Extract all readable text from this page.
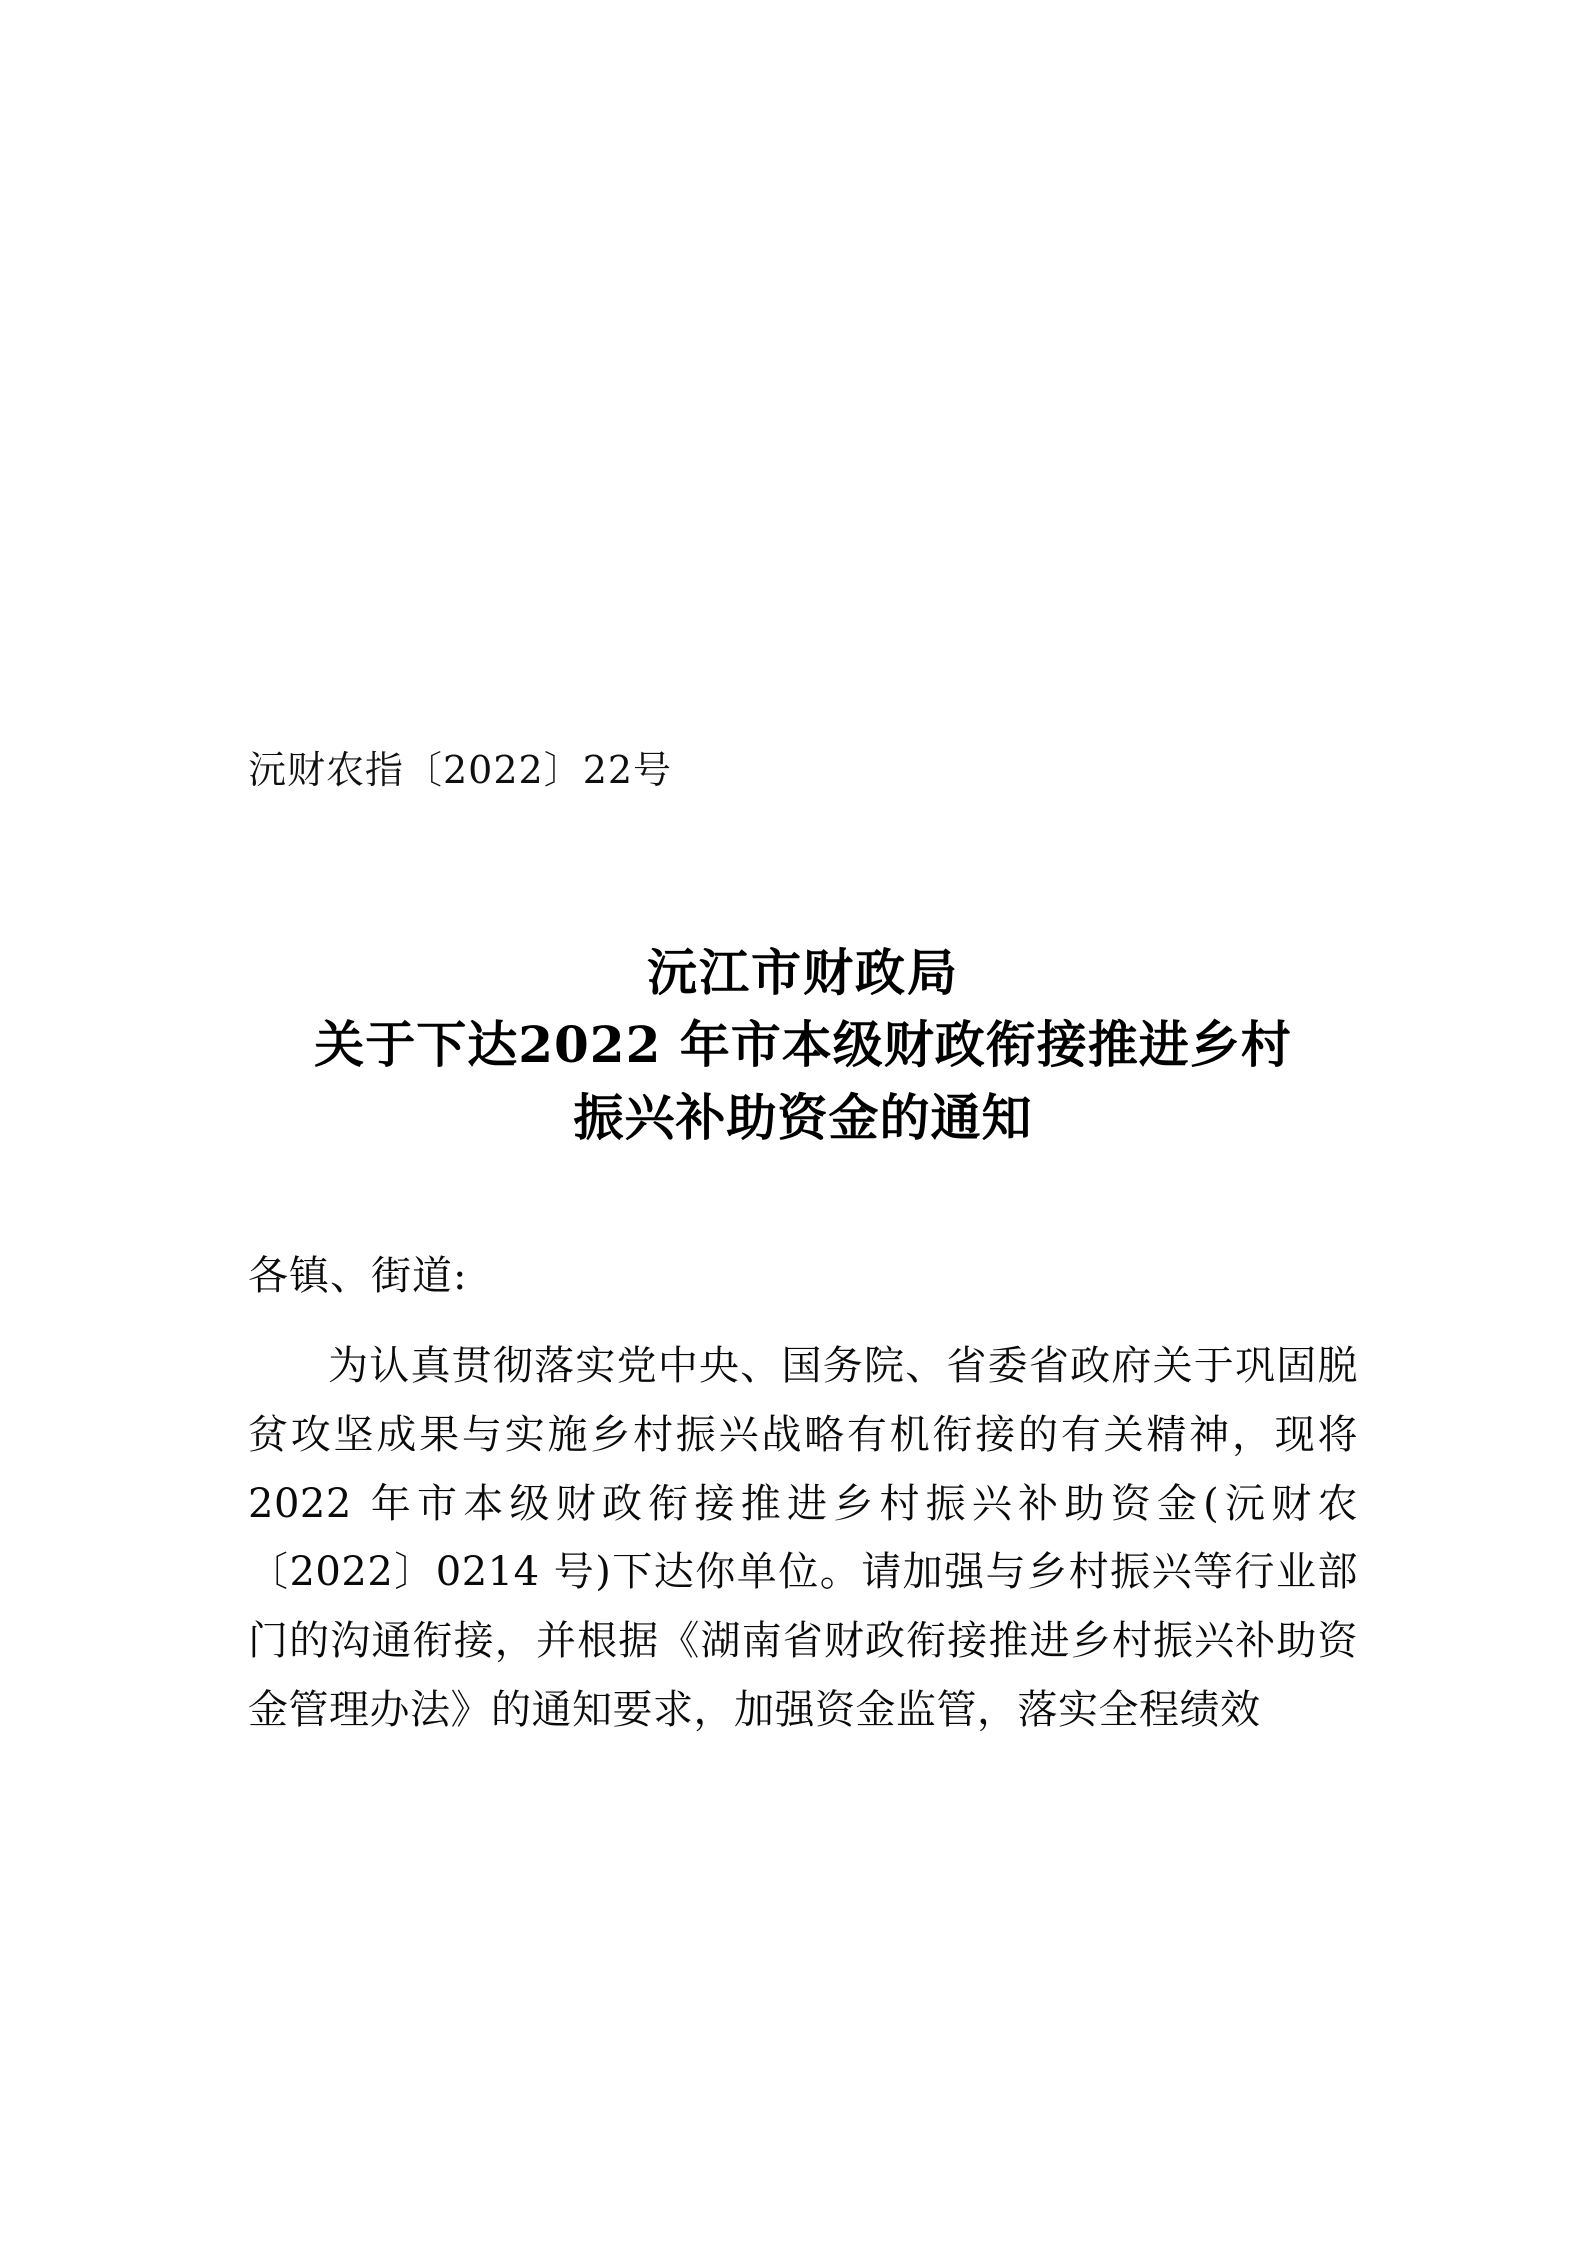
沅财农指〔2022〕22号
沅江市财政局
关于下达2022 年市本级财政衔接推进乡村
振兴补助资金的通知
各镇、街道:
为认真贯彻落实党中央、国务院、省委省政府关于巩固脱贫攻坚成果与实施乡村振兴战略有机衔接的有关精神，现将 2022 年市本级财政衔接推进乡村振兴补助资金(沅财农〔2022〕0214 号)下达你单位。请加强与乡村振兴等行业部门的沟通衔接，并根据《湖南省财政衔接推进乡村振兴补助资金管理办法》的通知要求，加强资金监管，落实全程绩效
